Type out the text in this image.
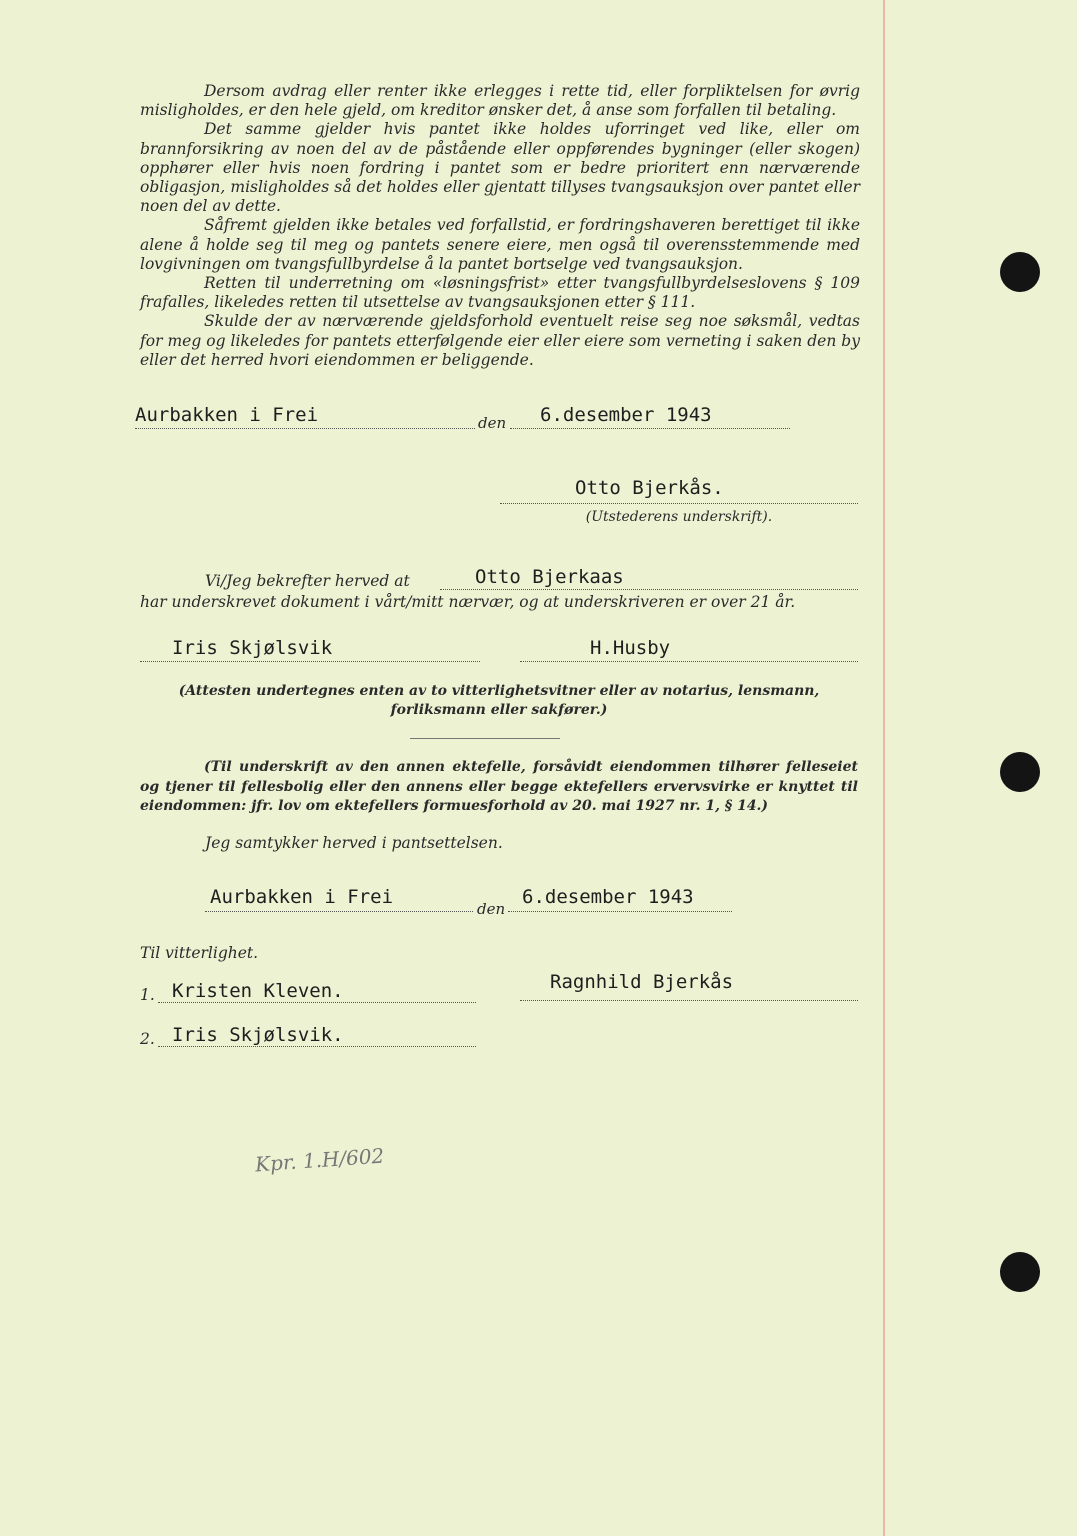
Dersom avdrag eller renter ikke erlegges i rette tid, eller forpliktelsen for øvrig misligholdes, er den hele gjeld, om kreditor ønsker det, å anse som forfallen til betaling.

Det samme gjelder hvis pantet ikke holdes uforringet ved like, eller om brannforsikring av noen del av de påstående eller oppførendes bygninger (eller skogen) opphører eller hvis noen fordring i pantet som er bedre prioritert enn nærværende obligasjon, misligholdes så det holdes eller gjentatt tillyses tvangsauksjon over pantet eller noen del av dette.

Såfremt gjelden ikke betales ved forfallstid, er fordringshaveren berettiget til ikke alene å holde seg til meg og pantets senere eiere, men også til overensstemmende med lovgivningen om tvangsfullbyrdelse å la pantet bortselge ved tvangsauksjon.

Retten til underretning om «løsningsfrist» etter tvangsfullbyrdelseslovens § 109 frafalles, likeledes retten til utsettelse av tvangsauksjonen etter § 111.

Skulde der av nærværende gjeldsforhold eventuelt reise seg noe søksmål, vedtas for meg og likeledes for pantets etterfølgende eier eller eiere som verneting i saken den by eller det herred hvori eiendommen er beliggende.

Aurbakken i Frei	den 6.desember 1943
Otto Bjerkås.
(Utstederens underskrift).
Vi/Jeg bekrefter herved at	Otto Bjerkaas
har underskrevet dokument i vårt/mitt nærvær, og at underskriveren er over 21 år.
Iris Skjølsvik	H.Husby
(Attesten undertegnes enten av to vitterlighetsvitner eller av notarius, lensmann, forliksmann eller sakfører.)
(Til underskrift av den annen ektefelle, forsåvidt eiendommen tilhører felleseiet og tjener til fellesbolig eller den annens eller begge ektefellers ervervsvirke er knyttet til eiendommen: jfr. lov om ektefellers formuesforhold av 20. mai 1927 nr. 1, § 14.)
Jeg samtykker herved i pantsettelsen.
Aurbakken i Frei
den
6.desember 1943
Til vitterlighet.
1. Kristen Kleven.	Ragnhild Bjerkås
2. Iris Skjølsvik.
Kpr. 1.H/602
